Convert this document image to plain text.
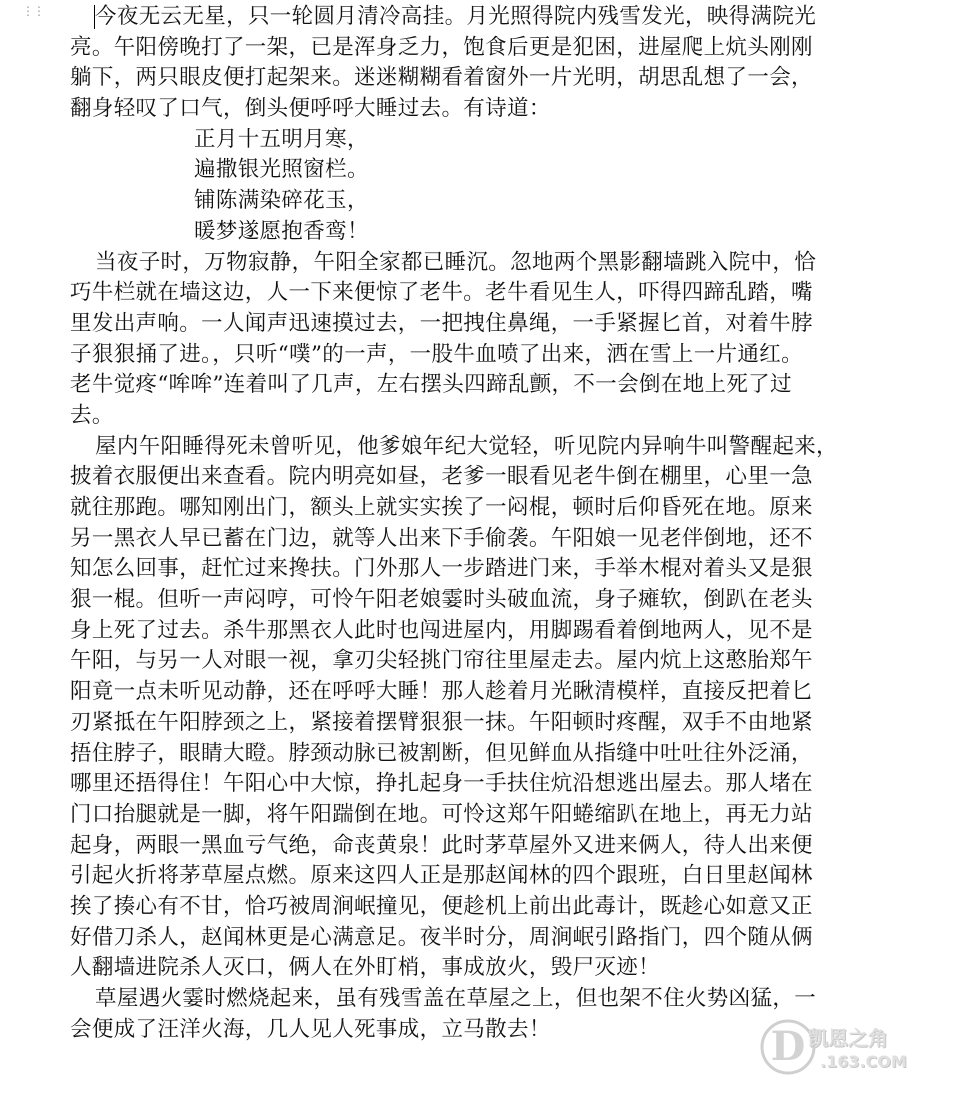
⋮⋮	今夜无云无星，只一轮圆月清冷高挂。月光照得院内残雪发光，映得满院光
亮。午阳傍晚打了一架，已是浑身乏力，饱食后更是犯困，进屋爬上炕头刚刚
躺下，两只眼皮便打起架来。迷迷糊糊看着窗外一片光明，胡思乱想了一会，
翻身轻叹了口气，倒头便呼呼大睡过去。有诗道：
正月十五明月寒，
遍撒银光照窗栏。
铺陈满染碎花玉，
暖梦遂愿抱香鸾！
当夜子时，万物寂静，午阳全家都已睡沉。忽地两个黑影翻墙跳入院中，恰
巧牛栏就在墙这边，人一下来便惊了老牛。老牛看见生人，吓得四蹄乱踏，嘴
里发出声响。一人闻声迅速摸过去，一把拽住鼻绳，一手紧握匕首，对着牛脖
子狠狠捅了进。，只听“噗”的一声，一股牛血喷了出来，洒在雪上一片通红。
老牛觉疼“哞哞”连着叫了几声，左右摆头四蹄乱颤，不一会倒在地上死了过
去。
屋内午阳睡得死未曾听见，他爹娘年纪大觉轻，听见院内异响牛叫警醒起来，
披着衣服便出来查看。院内明亮如昼，老爹一眼看见老牛倒在棚里，心里一急
就往那跑。哪知刚出门，额头上就实实挨了一闷棍，顿时后仰昏死在地。原来
另一黑衣人早已蓄在门边，就等人出来下手偷袭。午阳娘一见老伴倒地，还不
知怎么回事，赶忙过来搀扶。门外那人一步踏进门来，手举木棍对着头又是狠
狠一棍。但听一声闷哼，可怜午阳老娘霎时头破血流，身子瘫软，倒趴在老头
身上死了过去。杀牛那黑衣人此时也闯进屋内，用脚踢看着倒地两人，见不是
午阳，与另一人对眼一视，拿刃尖轻挑门帘往里屋走去。屋内炕上这憨胎郑午
阳竟一点未听见动静，还在呼呼大睡！那人趁着月光瞅清模样，直接反把着匕
刃紧抵在午阳脖颈之上，紧接着摆臂狠狠一抹。午阳顿时疼醒，双手不由地紧
捂住脖子，眼睛大瞪。脖颈动脉已被割断，但见鲜血从指缝中吐吐往外泛涌，
哪里还捂得住！午阳心中大惊，挣扎起身一手扶住炕沿想逃出屋去。那人堵在
门口抬腿就是一脚，将午阳踹倒在地。可怜这郑午阳蜷缩趴在地上，再无力站
起身，两眼一黑血亏气绝，命丧黄泉！此时茅草屋外又进来俩人，待人出来便
引起火折将茅草屋点燃。原来这四人正是那赵闻林的四个跟班，白日里赵闻林
挨了揍心有不甘，恰巧被周涧岷撞见，便趁机上前出此毒计，既趁心如意又正
好借刀杀人，赵闻林更是心满意足。夜半时分，周涧岷引路指门，四个随从俩
人翻墙进院杀人灭口，俩人在外盯梢，事成放火，毁尸灭迹！
草屋遇火霎时燃烧起来，虽有残雪盖在草屋之上，但也架不住火势凶猛，一
会便成了汪洋火海，几人见人死事成，立马散去！	D 凯恩之角
.163.COM
